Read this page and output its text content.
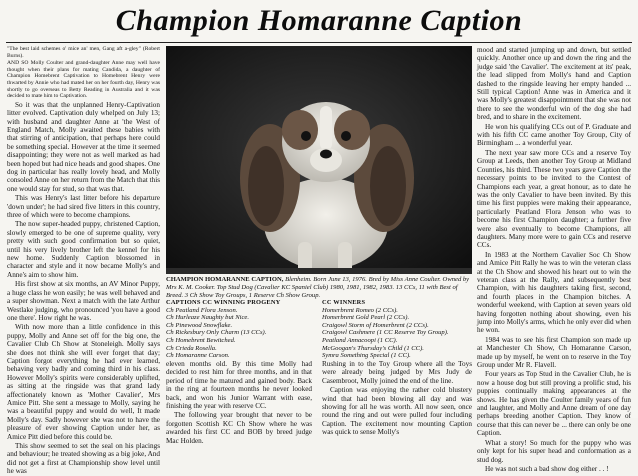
Champion Homaranne Caption

"The best laid schemes o' mice an' men, Gang aft a-gley" (Robert Burns).

AND SO Molly Coulter and grand-daughter Anne may well have thought when their plans for mating Candida, a daughter of Champion Homebrent Captivation to Homebrent Henry were thwarted by Annie who had mated her on her fourth day, Henry was shortly to go overseas to Betty Reading in Australia and it was decided to mate him to Captivation.

So it was that the unplanned Henry-Captivation litter evolved. Captivation duly whelped on July 13; with husband and daughter Anne at 'the West of England Match, Molly awaited these babies with that stirring of anticipation, that perhaps here could be something special. However at the time it seemed disappointing; they were not as well marked as had been hoped but had nice heads and good shapes. One dog in particular has really lovely head, and Molly consoled Anne on her return from the Match that this one would stay for stud, so that was that.

This was Henry's last litter before his departure 'down under'; he had sired five litters in this country, three of which were to become champions.

The now super-headed puppy, christened Caption, slowly emerged to be one of supreme quality, very pretty with such good confirmation but so quiet, until his very lively brother left the kennel for his new home. Suddenly Caption blossomed in character and style and it now became Molly's and Anne's aim to show him.

His first show at six months, an AV Minor Puppy, a huge class he won easily; he was well behaved and a super showman. Next a match with the late Arthur Westlake judging, who pronounced 'you have a good one there'. How right he was.

With now more than a little confidence in this puppy, Molly and Anne set off for the big one, the Cavalier Club Ch Show at Stoneleigh. Molly says she does not think she will ever forget that day; Caption forgot everything he had ever learned, behaving very badly and coming third in his class. However Molly's spirits were considerably uplifted, as sitting at the ringside was that grand lady affectionately known as 'Mother Cavalier', Mrs Amice Pitt. She sent a message to Molly, saying he was a beautiful puppy and would do well, It made Molly's day. Sadly however she was not to have the pleasure of ever showing Caption under her, as Amice Pitt died before this could be.

This show seemed to set the seal on his placings and behaviour; he treated showing as a big joke, And did not get a first at Championship show level until he was

CHAMPION HOMARANNE CAPTION, Blenheim. Born June 13, 1976. Bred by Miss Anne Coulter. Owned by Mrs K. M. Cooker. Top Stud Dog (Cavalier KC Spaniel Club) 1980, 1981, 1982, 1983. 13 CCs, 11 with Best of Breed. 3 Ch Show Toy Groups, 1 Reserve Ch Show Group.
CAPTIONS CC WINNING PROGENY
Ch Peatland Flora Jenson.
Ch Hurleaze Naughty but Nice.
Ch Pinewood Snowflake.
Ch Rickesbury Only Charm (13 CCs).
Ch Homebrent Bewitched.
Ch Crieda Rosella.
Ch Homaranne Carson.
CC WINNERS
Homerbrent Romeo (2 CCs).
Homerbrent Gold Pearl (2 CCs).
Craigowl Storm of Homerbrent (2 CCs).
Craigowl Cashmere (1 CC Reserve Toy Group).
Peatland Annacoopi (1 CC).
McGoogan's Thursday's Child (1 CC).
Symra Something Special (1 CC).

eleven months old. By this time Molly had decided to rest him for three months, and in that period of time he matured and gained body. Back in the ring at fourteen months he never looked back, and won his Junior Warrant with ease, finishing the year with reserve CC.

The following year brought that never to be forgotten Scottish KC Ch Show where he was awarded his first CC and BOB by breed judge Mac Holden.

Rushing in to the Toy Group where all the Toys were already being judged by Mrs Judy de Casembroot, Molly joined the end of the line.

Caption was enjoying the rather cold blustery wind that had been blowing all day and was showing for all he was worth. All now seen, once round the ring and out were pulled four including Caption. The excitement now mounting Caption was quick to sense Molly's

mood and started jumping up and down, but settled quickly. Another once up and down the ring and the judge said 'the Cavalier'. The excitement at its' peak, the lead slipped from Molly's hand and Caption dashed to the ringside leaving her empty handed ... Still typical Caption! Anne was in America and it was Molly's greatest disappointment that she was not there to see the wonderful win of the dog she had bred, and to share in the excitement.

He won his qualifying CCs out of P. Graduate and with his fifth CC came another Toy Group, City of Birmingham ... a wonderful year.

The next year saw more CCs and a reserve Toy Group at Leeds, then another Toy Group at Midland Counties, his third. These two years gave Caption the necessary points to be invited to the Contest of Champions each year, a great honour, as to date he was the only Cavalier to have been invited. By this time his first puppies were making their appearance, particularly Peatland Flora Jenson who was to become his first Champion daughter; a further five were also eventually to become Champions, all daughters. Many more were to gain CCs and reserve CCs.

In 1983 at the Northern Cavalier Soc Ch Show and Amice Pitt Rally he was to win the veteran class at the Ch Show and showed his heart out to win the veteran class at the Rally, and subsequently best Champion, with his daughters taking first, second, and fourth places in the Champion bitches. A wonderful weekend, with Caption at seven years old having forgotten nothing about showing, even his jump into Molly's arms, which he only ever did when he won.

1984 was to see his first Champion son made up at Manchester Ch Show, Ch Homaranne Carson, made up by myself, he went on to reserve in the Toy Group under Mr R. Flavell.

Four years as Top Stud in the Cavalier Club, he is now a house dog but still proving a prolific stud, his puppies continually making appearances at the shows. He has given the Coulter family years of fun and laughter, and Molly and Anne dream of one day perhaps breeding another Caption. They know of course that this can never be ... there can only be one Caption.

What a story! So much for the puppy who was only kept for his super head and conformation as a stud dog.

He was not such a bad show dog either . . !
